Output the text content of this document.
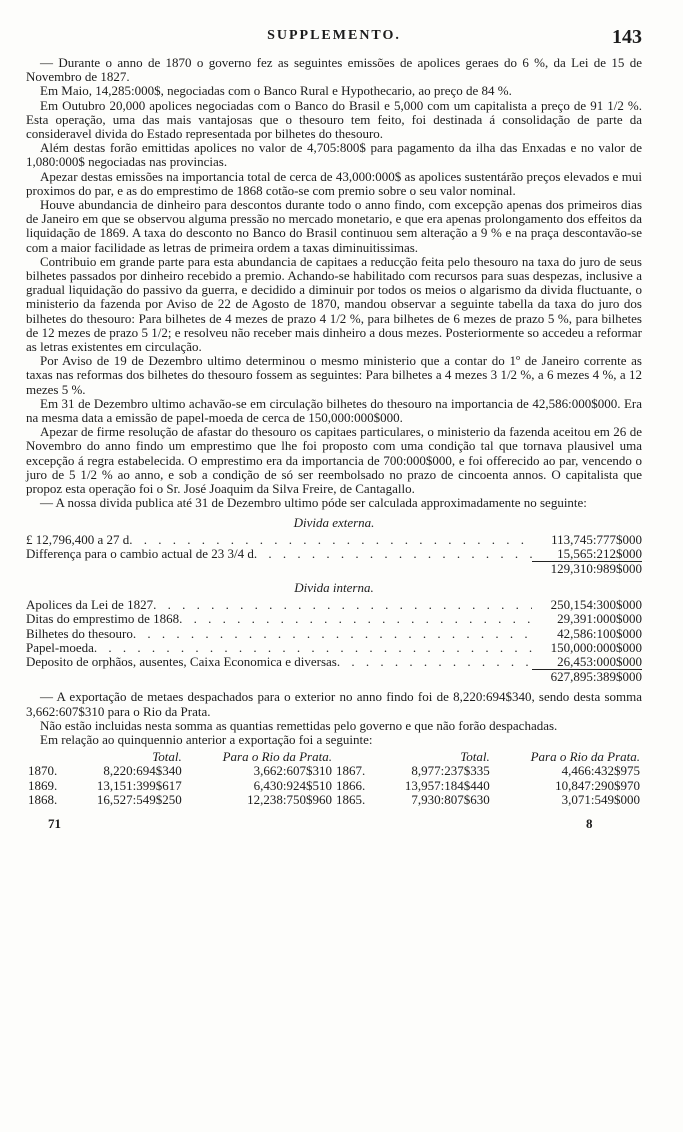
SUPPLEMENTO.	143

— Durante o anno de 1870 o governo fez as seguintes emissões de apolices geraes do 6 %, da Lei de 15 de Novembro de 1827.

Em Maio, 14,285:000$, negociadas com o Banco Rural e Hypothecario, ao preço de 84 %.

Em Outubro 20,000 apolices negociadas com o Banco do Brasil e 5,000 com um capitalista a preço de 91 1/2 %. Esta operação, uma das mais vantajosas que o thesouro tem feito, foi destinada á consolidação de parte da consideravel divida do Estado representada por bilhetes do thesouro.

Além destas forão emittidas apolices no valor de 4,705:800$ para pagamento da ilha das Enxadas e no valor de 1,080:000$ negociadas nas provincias.

Apezar destas emissões na importancia total de cerca de 43,000:000$ as apolices sustentárão preços elevados e mui proximos do par, e as do emprestimo de 1868 cotão-se com premio sobre o seu valor nominal.

Houve abundancia de dinheiro para descontos durante todo o anno findo, com excepção apenas dos primeiros dias de Janeiro em que se observou alguma pressão no mercado monetario, e que era apenas prolongamento dos effeitos da liquidação de 1869. A taxa do desconto no Banco do Brasil continuou sem alteração a 9 % e na praça descontavão-se com a maior facilidade as letras de primeira ordem a taxas diminuitissimas.

Contribuio em grande parte para esta abundancia de capitaes a reducção feita pelo thesouro na taxa do juro de seus bilhetes passados por dinheiro recebido a premio. Achando-se habilitado com recursos para suas despezas, inclusive a gradual liquidação do passivo da guerra, e decidido a diminuir por todos os meios o algarismo da divida fluctuante, o ministerio da fazenda por Aviso de 22 de Agosto de 1870, mandou observar a seguinte tabella da taxa do juro dos bilhetes do thesouro: Para bilhetes de 4 mezes de prazo 4 1/2 %, para bilhetes de 6 mezes de prazo 5 %, para bilhetes de 12 mezes de prazo 5 1/2; e resolveu não receber mais dinheiro a dous mezes. Posteriormente so accedeu a reformar as letras existentes em circulação.

Por Aviso de 19 de Dezembro ultimo determinou o mesmo ministerio que a contar do 1º de Janeiro corrente as taxas nas reformas dos bilhetes do thesouro fossem as seguintes: Para bilhetes a 4 mezes 3 1/2 %, a 6 mezes 4 %, a 12 mezes 5 %.

Em 31 de Dezembro ultimo achavão-se em circulação bilhetes do thesouro na importancia de 42,586:000$000. Era na mesma data a emissão de papel-moeda de cerca de 150,000:000$000.

Apezar de firme resolução de afastar do thesouro os capitaes particulares, o ministerio da fazenda aceitou em 26 de Novembro do anno findo um emprestimo que lhe foi proposto com uma condição tal que tornava plausivel uma excepção á regra estabelecida. O emprestimo era da importancia de 700:000$000, e foi offerecido ao par, vencendo o juro de 5 1/2 % ao anno, e sob a condição de só ser reembolsado no prazo de cincoenta annos. O capitalista que propoz esta operação foi o Sr. José Joaquim da Silva Freire, de Cantagallo.

— A nossa divida publica até 31 de Dezembro ultimo póde ser calculada approximadamente no seguinte:

Divida externa.
£ 12,796,400 a 27 d . . .	113,745:777$000
Differença para o cambio actual de 23 3/4 d . . .	15,565:212$000
129,310:989$000
Divida interna.
Apolices da Lei de 1827 . . .	250,154:300$000
Ditas do emprestimo de 1868 . . .	29,391:000$000
Bilhetes do thesouro . . .	42,586:100$000
Papel-moeda . . .	150,000:000$000
Deposito de orphãos, ausentes, Caixa Economica e diversas . . .	26,453:000$000
627,895:389$000

— A exportação de metaes despachados para o exterior no anno findo foi de 8,220:694$340, sendo desta somma 3,662:607$310 para o Rio da Prata.

Não estão incluidas nesta somma as quantias remettidas pelo governo e que não forão despachadas.

Em relação ao quinquennio anterior a exportação foi a seguinte:

	Total.	Para o Rio da Prata.		Total.	Para o Rio da Prata.
1870.	8,220:694$340	3,662:607$310	1867.	8,977:237$335	4,466:432$975
1869.	13,151:399$617	6,430:924$510	1866.	13,957:184$440	10,847:290$970
1868.	16,527:549$250	12,238:750$960	1865.	7,930:807$630	3,071:549$000
71	8
